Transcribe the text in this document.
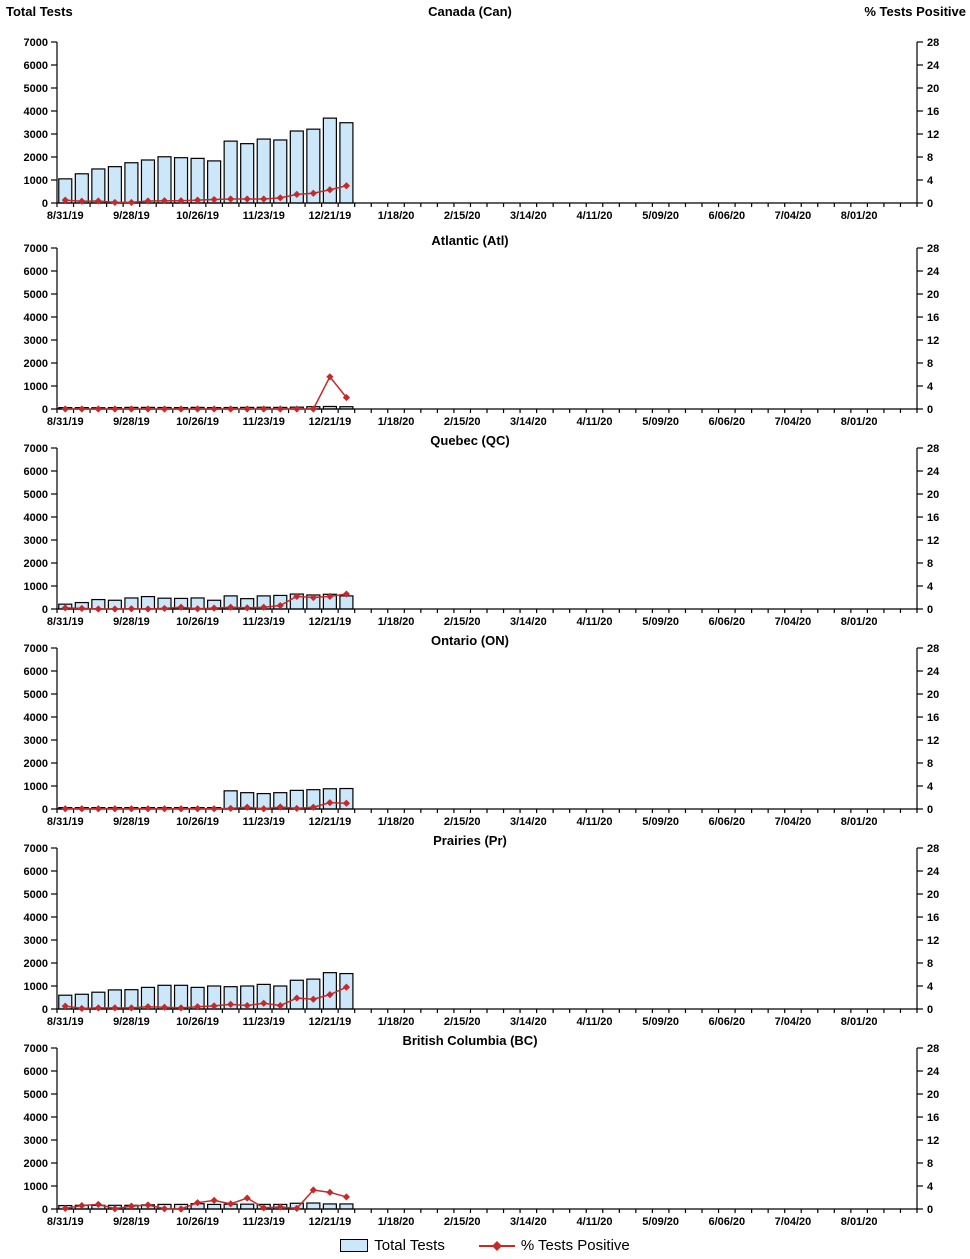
Total Tests	Canada (Can)	% Tests Positive
0
1000
2000
3000
4000
5000
6000
7000
0
4
8
12
16
20
24
28
8/31/19	9/28/19 10/26/19 11/23/19 12/21/19 1/18/20	2/15/20	3/14/20	4/11/20	5/09/20	6/06/20	7/04/20	8/01/20
Atlantic (Atl)
0
1000
2000
3000
4000
5000
6000
7000
0
4
8
12
16
20
24
28
8/31/19	9/28/19 10/26/19 11/23/19 12/21/19 1/18/20	2/15/20	3/14/20	4/11/20	5/09/20	6/06/20	7/04/20	8/01/20
Quebec (QC)
0
1000
2000
3000
4000
5000
6000
7000
0
4
8
12
16
20
24
28
8/31/19	9/28/19 10/26/19 11/23/19 12/21/19 1/18/20	2/15/20	3/14/20	4/11/20	5/09/20	6/06/20	7/04/20	8/01/20
Ontario (ON)
0
1000
2000
3000
4000
5000
6000
7000
0
4
8
12
16
20
24
28
8/31/19	9/28/19 10/26/19 11/23/19 12/21/19 1/18/20	2/15/20	3/14/20	4/11/20	5/09/20	6/06/20	7/04/20	8/01/20
Prairies (Pr)
0
1000
2000
3000
4000
5000
6000
7000
0
4
8
12
16
20
24
28
8/31/19	9/28/19 10/26/19 11/23/19 12/21/19 1/18/20	2/15/20	3/14/20	4/11/20	5/09/20	6/06/20	7/04/20	8/01/20
British Columbia (BC)
0
1000
2000
3000
4000
5000
6000
7000
0
4
8
12
16
20
24
28
8/31/19	9/28/19 10/26/19 11/23/19 12/21/19 1/18/20	2/15/20	3/14/20	4/11/20	5/09/20	6/06/20	7/04/20	8/01/20
Total Tests	% Tests Positive
